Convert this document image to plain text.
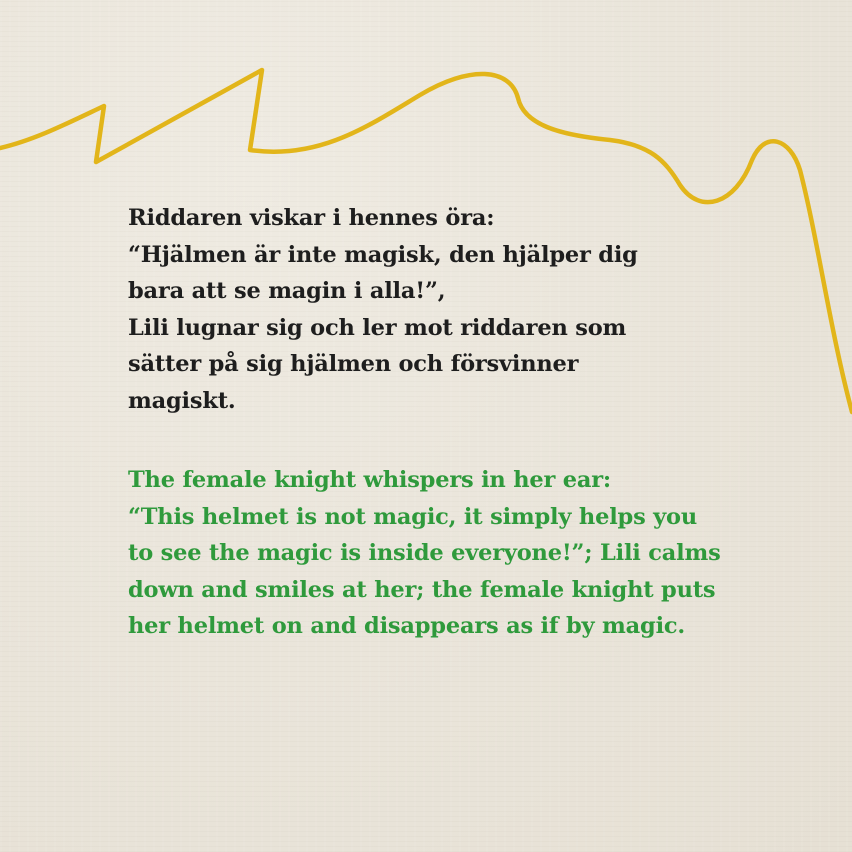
Riddaren viskar i hennes öra:
“Hjälmen är inte magisk, den hjälper dig
bara att se magin i alla!”,
Lili lugnar sig och ler mot riddaren som
sätter på sig hjälmen och försvinner
magiskt.
The female knight whispers in her ear:
“This helmet is not magic, it simply helps you
to see the magic is inside everyone!”; Lili calms
down and smiles at her; the female knight puts
her helmet on and disappears as if by magic.
